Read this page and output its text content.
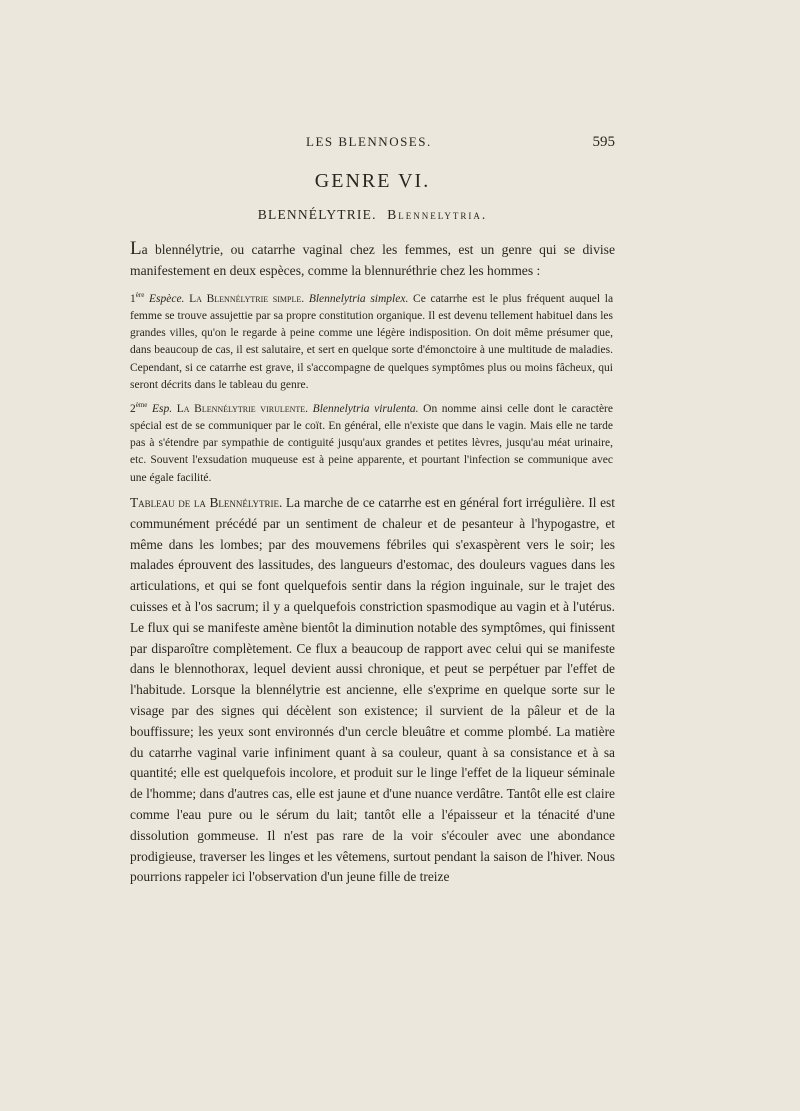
LES BLENNOSES.	595
GENRE VI.
BLENNÉLYTRIE. Blennelytria.

La blennélytrie, ou catarrhe vaginal chez les femmes, est un genre qui se divise manifestement en deux espèces, comme la blennuréthrie chez les hommes :

1ère Espèce. La Blennélytrie simple. Blennelytria simplex. Ce catarrhe est le plus fréquent auquel la femme se trouve assujettie par sa propre constitution organique. Il est devenu tellement habituel dans les grandes villes, qu'on le regarde à peine comme une légère indisposition. On doit même présumer que, dans beaucoup de cas, il est salutaire, et sert en quelque sorte d'émonctoire à une multitude de maladies. Cependant, si ce catarrhe est grave, il s'accompagne de quelques symptômes plus ou moins fâcheux, qui seront décrits dans le tableau du genre.

2ème Esp. La Blennélytrie virulente. Blennelytria virulenta. On nomme ainsi celle dont le caractère spécial est de se communiquer par le coït. En général, elle n'existe que dans le vagin. Mais elle ne tarde pas à s'étendre par sympathie de contiguité jusqu'aux grandes et petites lèvres, jusqu'au méat urinaire, etc. Souvent l'exsudation muqueuse est à peine apparente, et pourtant l'infection se communique avec une égale facilité.

Tableau de la Blennélytrie. La marche de ce catarrhe est en général fort irrégulière. Il est communément précédé par un sentiment de chaleur et de pesanteur à l'hypogastre, et même dans les lombes; par des mouvemens fébriles qui s'exaspèrent vers le soir; les malades éprouvent des lassitudes, des langueurs d'estomac, des douleurs vagues dans les articulations, et qui se font quelquefois sentir dans la région inguinale, sur le trajet des cuisses et à l'os sacrum; il y a quelquefois constriction spasmodique au vagin et à l'utérus. Le flux qui se manifeste amène bientôt la diminution notable des symptômes, qui finissent par disparoître complètement. Ce flux a beaucoup de rapport avec celui qui se manifeste dans le blennothorax, lequel devient aussi chronique, et peut se perpétuer par l'effet de l'habitude. Lorsque la blennélytrie est ancienne, elle s'exprime en quelque sorte sur le visage par des signes qui décèlent son existence; il survient de la pâleur et de la bouffissure; les yeux sont environnés d'un cercle bleuâtre et comme plombé. La matière du catarrhe vaginal varie infiniment quant à sa couleur, quant à sa consistance et à sa quantité; elle est quelquefois incolore, et produit sur le linge l'effet de la liqueur séminale de l'homme; dans d'autres cas, elle est jaune et d'une nuance verdâtre. Tantôt elle est claire comme l'eau pure ou le sérum du lait; tantôt elle a l'épaisseur et la ténacité d'une dissolution gommeuse. Il n'est pas rare de la voir s'écouler avec une abondance prodigieuse, traverser les linges et les vêtemens, surtout pendant la saison de l'hiver. Nous pourrions rappeler ici l'observation d'un jeune fille de treize
